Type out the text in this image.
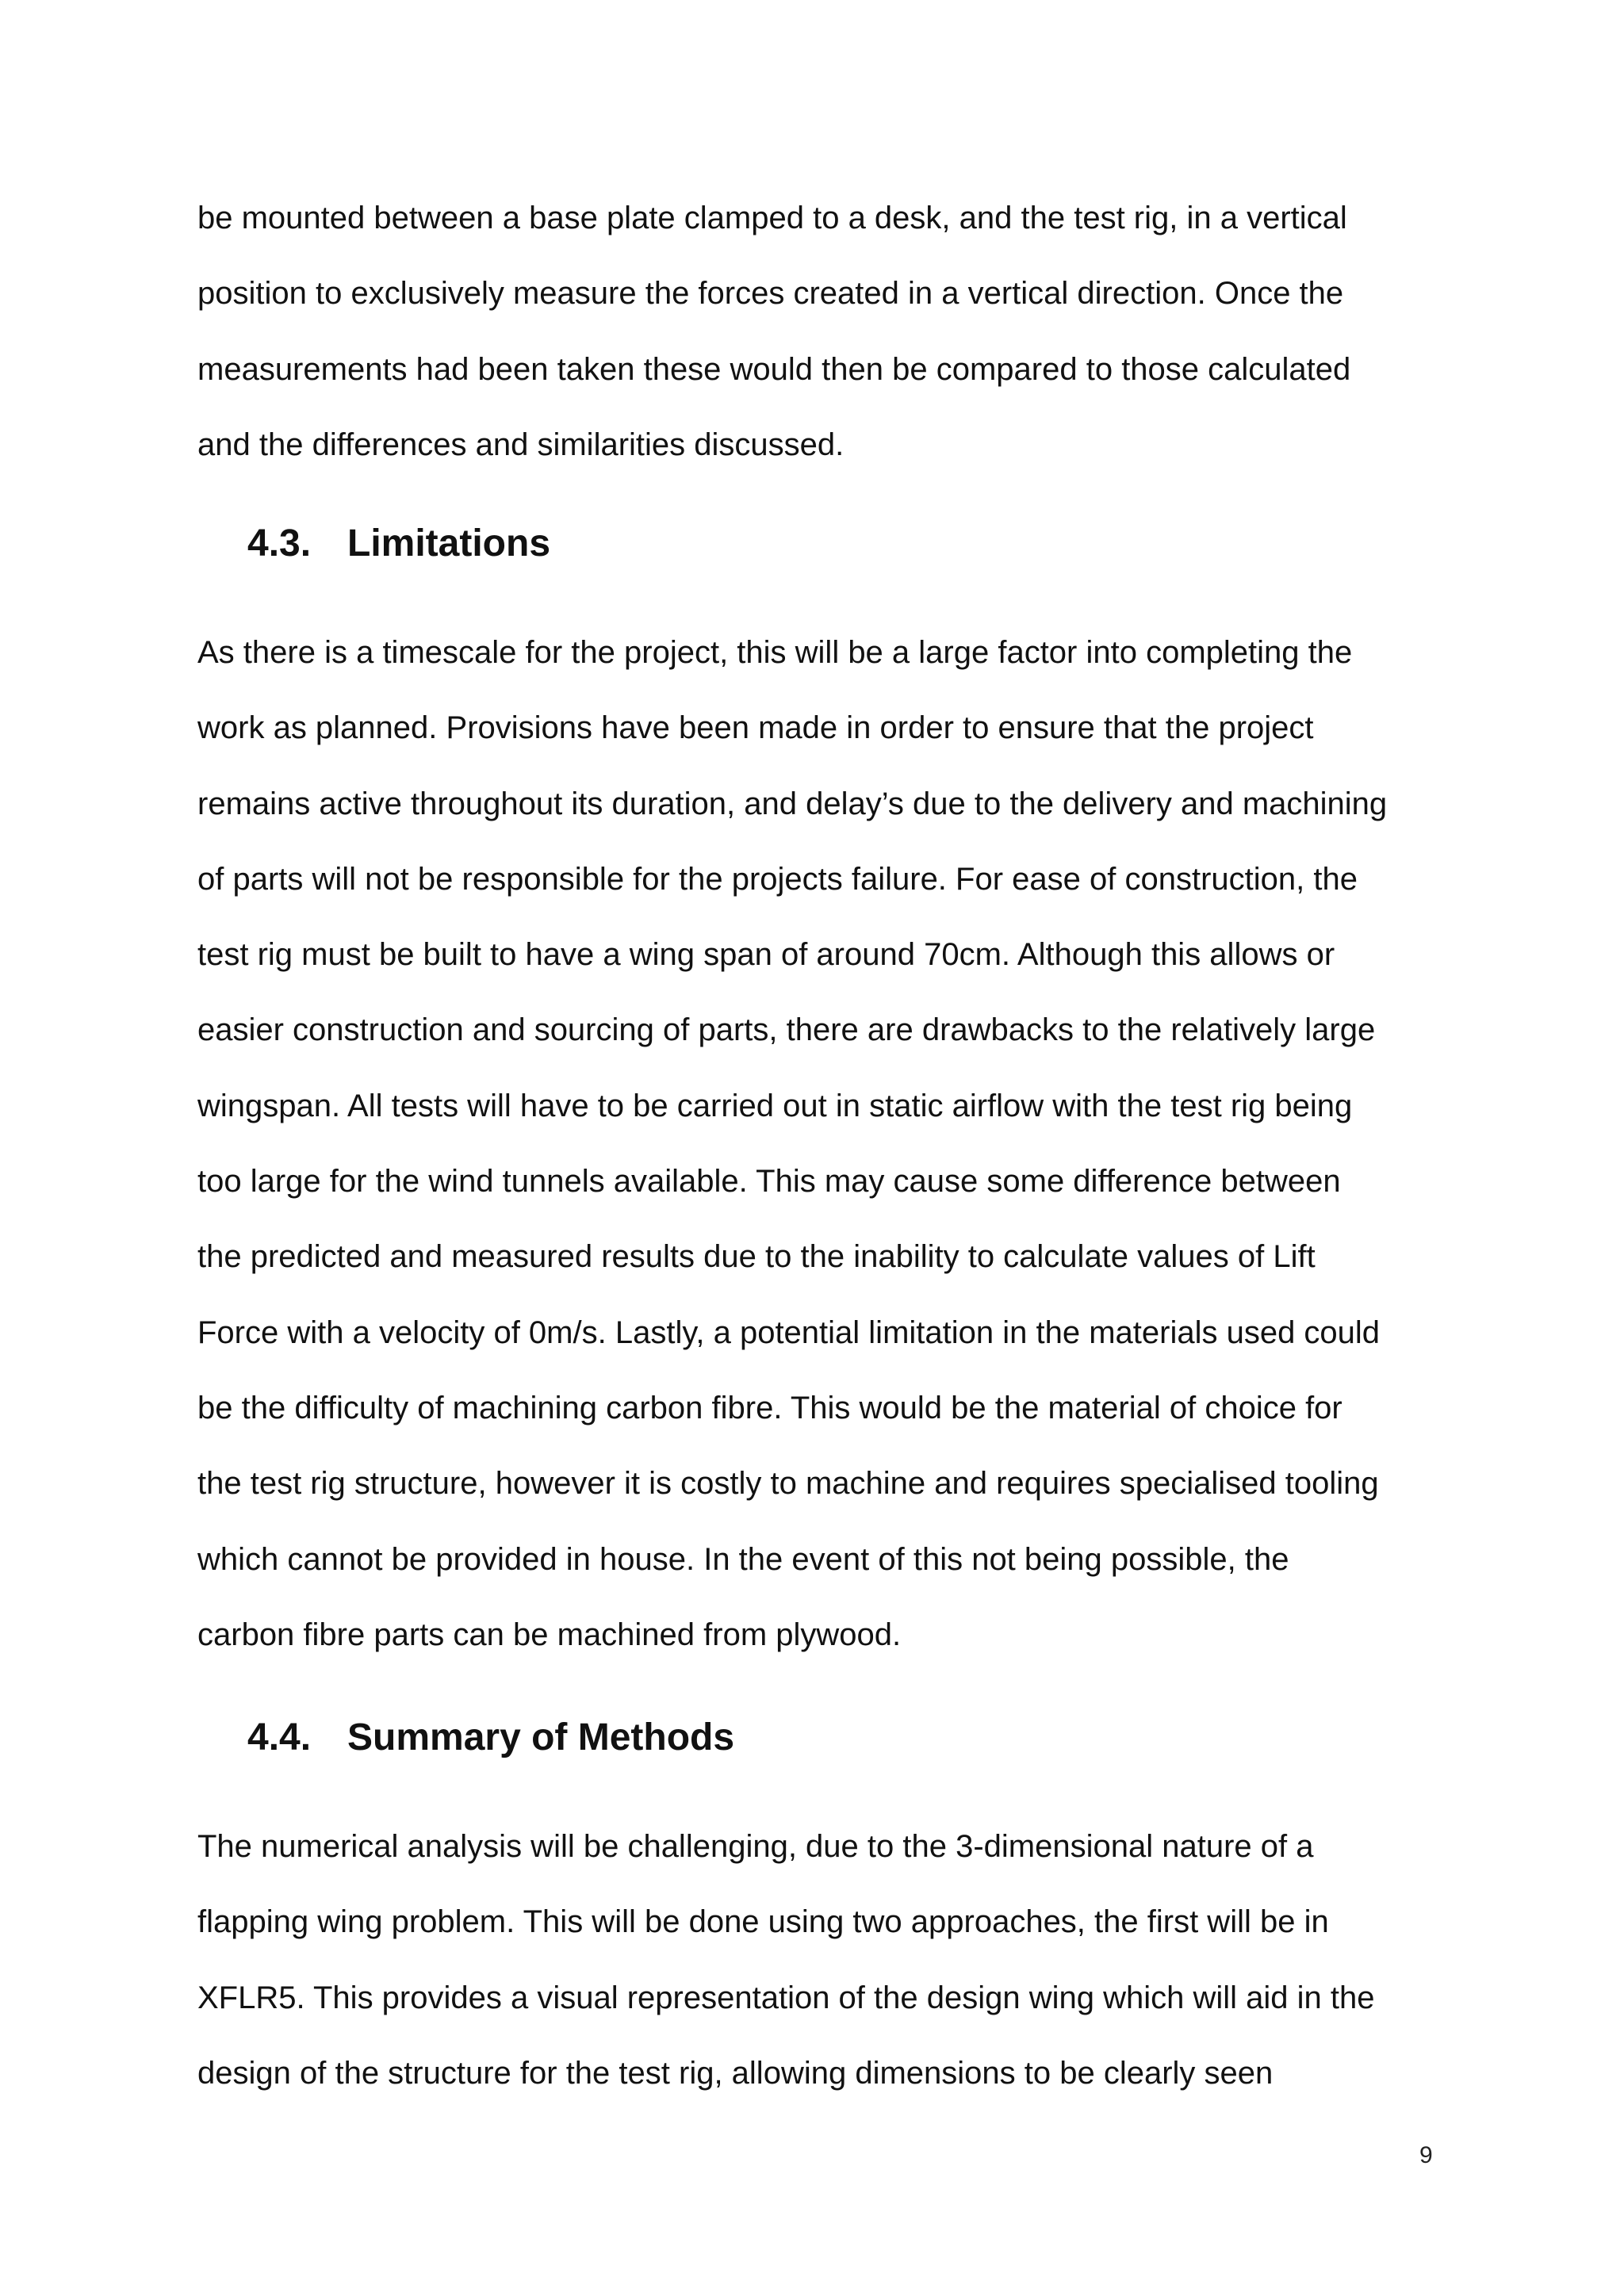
be mounted between a base plate clamped to a desk, and the test rig, in a vertical
position to exclusively measure the forces created in a vertical direction. Once the
measurements had been taken these would then be compared to those calculated
and the differences and similarities discussed.
4.3. Limitations
As there is a timescale for the project, this will be a large factor into completing the
work as planned. Provisions have been made in order to ensure that the project
remains active throughout its duration, and delay’s due to the delivery and machining
of parts will not be responsible for the projects failure. For ease of construction, the
test rig must be built to have a wing span of around 70cm. Although this allows or
easier construction and sourcing of parts, there are drawbacks to the relatively large
wingspan. All tests will have to be carried out in static airflow with the test rig being
too large for the wind tunnels available. This may cause some difference between
the predicted and measured results due to the inability to calculate values of Lift
Force with a velocity of 0m/s. Lastly, a potential limitation in the materials used could
be the difficulty of machining carbon fibre. This would be the material of choice for
the test rig structure, however it is costly to machine and requires specialised tooling
which cannot be provided in house. In the event of this not being possible, the
carbon fibre parts can be machined from plywood.
4.4. Summary of Methods
The numerical analysis will be challenging, due to the 3-dimensional nature of a
flapping wing problem. This will be done using two approaches, the first will be in
XFLR5. This provides a visual representation of the design wing which will aid in the
design of the structure for the test rig, allowing dimensions to be clearly seen
9
